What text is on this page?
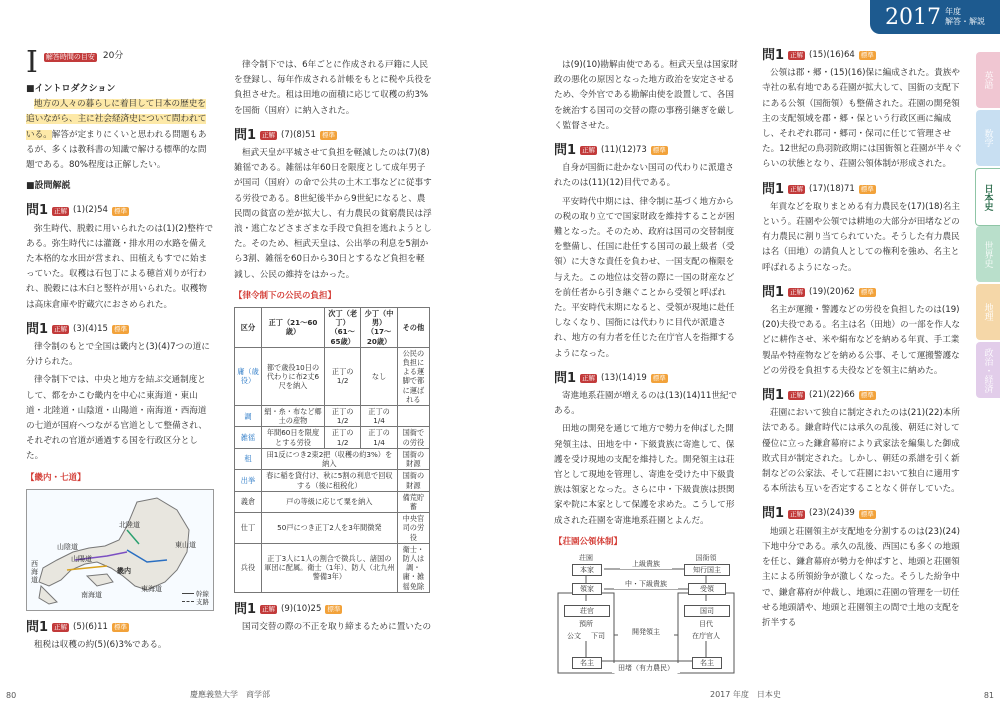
I 解答時間の目安 20分
■イントロダクション

地方の人々の暮らしに着目して日本の歴史を追いながら、主に社会経済史について問われている。解答が定まりにくいと思われる問題もあるが、多くは教科書の知識で解ける標準的な問題である。80%程度は正解したい。

■設問解説
問1 正解 (1)(2)54 標準

弥生時代、脱穀に用いられたのは(1)(2)整杵である。弥生時代には灌漑・排水用の水路を備えた本格的な水田が営まれ、田植えもすでに始まっていた。収穫は石包丁による穂首刈りが行われ、脱穀には木臼と竪杵が用いられた。収穫物は高床倉庫や貯蔵穴におさめられた。

問1 正解 (3)(4)15 標準

律令制のもとで全国は畿内と(3)(4)7つの道に分けられた。

律令制下では、中央と地方を結ぶ交通制度として、都をかこむ畿内を中心に東海道・東山道・北陸道・山陰道・山陽道・南海道・西海道の七道が国府へつながる官道として整備され、それぞれの官道が通過する国を行政区分とした。

【畿内・七道】
北陸道
東山道
山陰道
山陽道
畿内
西海道
南海道
東海道
幹線
支路
問1 正解 (5)(6)11 標準

租税は収穫の約(5)(6)3%である。

律令制下では、6年ごとに作成される戸籍に人民を登録し、毎年作成される計帳をもとに税や兵役を負担させた。租は田地の面積に応じて収穫の約3%を国衙（国府）に納入された。

問1 正解 (7)(8)51 標準

桓武天皇が平城させて負担を軽減したのは(7)(8)雑徭である。雑徭は年60日を限度として成年男子が国司（国府）の命で公共の土木工事などに従事する労役である。8世紀後半から9世紀になると、農民間の貧富の差が拡大し、有力農民の貧窮農民は浮浪・逃亡などさまざまな手段で負担を逃れようとした。そのため、桓武天皇は、公出挙の利息を5割から3割、雑徭を60日から30日とするなど負担を軽減し、公民の維持をはかった。

【律令制下の公民の負担】
区分	正丁（21〜60歳）	次丁（老丁）（61〜65歳）	少丁（中男）（17〜20歳）	その他
庸（歳役）	都で歳役10日の代わりに布2丈6尺を納入	正丁の1/2	なし	公民の負担による運脚で都に運ばれる
調	絹・糸・布など郷土の産物	正丁の1/2	正丁の1/4	
雑徭	年間60日を限度とする労役	正丁の1/2	正丁の1/4	国衙での労役
租	田1反につき2束2把（収穫の約3%）を納入			国衙の財源
出挙	春に稲を貸付け、秋に5割の利息で回収する（後に租税化）			国衙の財源
義倉	戸の等級に応じて粟を納入			備荒貯蓄
仕丁	50戸につき正丁2人を3年間徴発			中央官司の労役
兵役	正丁3人に1人の割合で徴兵し、諸国の軍団に配属。衛士（1年）、防人（北九州警備3年）			衛士・防人は調・庸・雑徭免除
問1 正解 (9)(10)25 標準

国司交替の際の不正を取り締まるために置いたの

80	慶應義塾大学　商学部
2017 年度
解答・解説
英語
数学
日本史
世界史
地理
政治・経済

は(9)(10)勘解由使である。桓武天皇は国家財政の悪化の原因となった地方政治を安定させるため、令外官である勘解由使を設置して、各国を統治する国司の交替の際の事務引継ぎを厳しく監督させた。

問1 正解 (11)(12)73 標準

自身が国衙に赴かない国司の代わりに派遣されたのは(11)(12)目代である。

平安時代中期には、律令制に基づく地方からの税の取り立てで国家財政を維持することが困難となった。そのため、政府は国司の交替制度を整備し、任国に赴任する国司の最上級者（受領）に大きな責任を負わせ、一国支配の権限を与えた。この地位は交替の際に一国の財産などを前任者から引き継ぐことから受領と呼ばれた。平安時代末期になると、受領が現地に赴任しなくなり、国衙には代わりに目代が派遣され、地方の有力者を任じた在庁官人を指揮するようになった。

問1 正解 (13)(14)19 標準

寄進地系荘園が増えるのは(13)(14)11世紀である。

田地の開発を通じて地方で勢力を伸ばした開発領主は、田地を中・下級貴族に寄進して、保護を受け現地の支配を維持した。開発領主は荘官として現地を管理し、寄進を受けた中下級貴族は領家となった。さらに中・下級貴族は摂関家や院に本家として保護を求めた。こうして形成された荘園を寄進地系荘園とよんだ。

【荘園公領体制】
荘園	国衙領
本家
領家
知行国主
受領
上級貴族
中・下級貴族
荘官
預所
国司
目代
公文	下司	開発領主	在庁官人
名主	名主
田堵（有力農民）
問1 正解 (15)(16)64 標準

公領は郡・郷・(15)(16)保に編成された。貴族や寺社の私有地である荘園が拡大して、国衙の支配下にある公領（国衙領）も整備された。荘園の開発領主の支配領域を郡・郷・保という行政区画に編成し、それぞれ郡司・郷司・保司に任じて管理させた。12世紀の鳥羽院政期には国衙領と荘園が半々ぐらいの状態となり、荘園公領体制が形成された。

問1 正解 (17)(18)71 標準

年貢などを取りまとめる有力農民を(17)(18)名主という。荘園や公領では耕地の大部分が田堵などの有力農民に割り当てられていた。そうした有力農民は名（田地）の請負人としての権利を強め、名主と呼ばれるようになった。

問1 正解 (19)(20)62 標準

名主が運搬・警護などの労役を負担したのは(19)(20)夫役である。名主は名（田地）の一部を作人などに耕作させ、米や絹布などを納める年貢、手工業製品や特産物などを納める公事、そして運搬警護などの労役を負担する夫役などを領主に納めた。

問1 正解 (21)(22)66 標準

荘園において独自に制定されたのは(21)(22)本所法である。鎌倉時代には承久の乱後、朝廷に対して優位に立った鎌倉幕府により武家法を編集した御成敗式目が制定された。しかし、朝廷の系譜を引く新制などの公家法、そして荘園において独自に適用する本所法も互いを否定することなく併存していた。

問1 正解 (23)(24)39 標準

地頭と荘園領主が支配地を分割するのは(23)(24)下地中分である。承久の乱後、西国にも多くの地頭を任じ、鎌倉幕府が勢力を伸ばすと、地頭と荘園領主による所領紛争が激しくなった。そうした紛争中で、鎌倉幕府が仲裁し、地頭に荘園の管理を一切任せる地頭請や、地頭と荘園領主の間で土地の支配を折半する

2017 年度　日本史	81
